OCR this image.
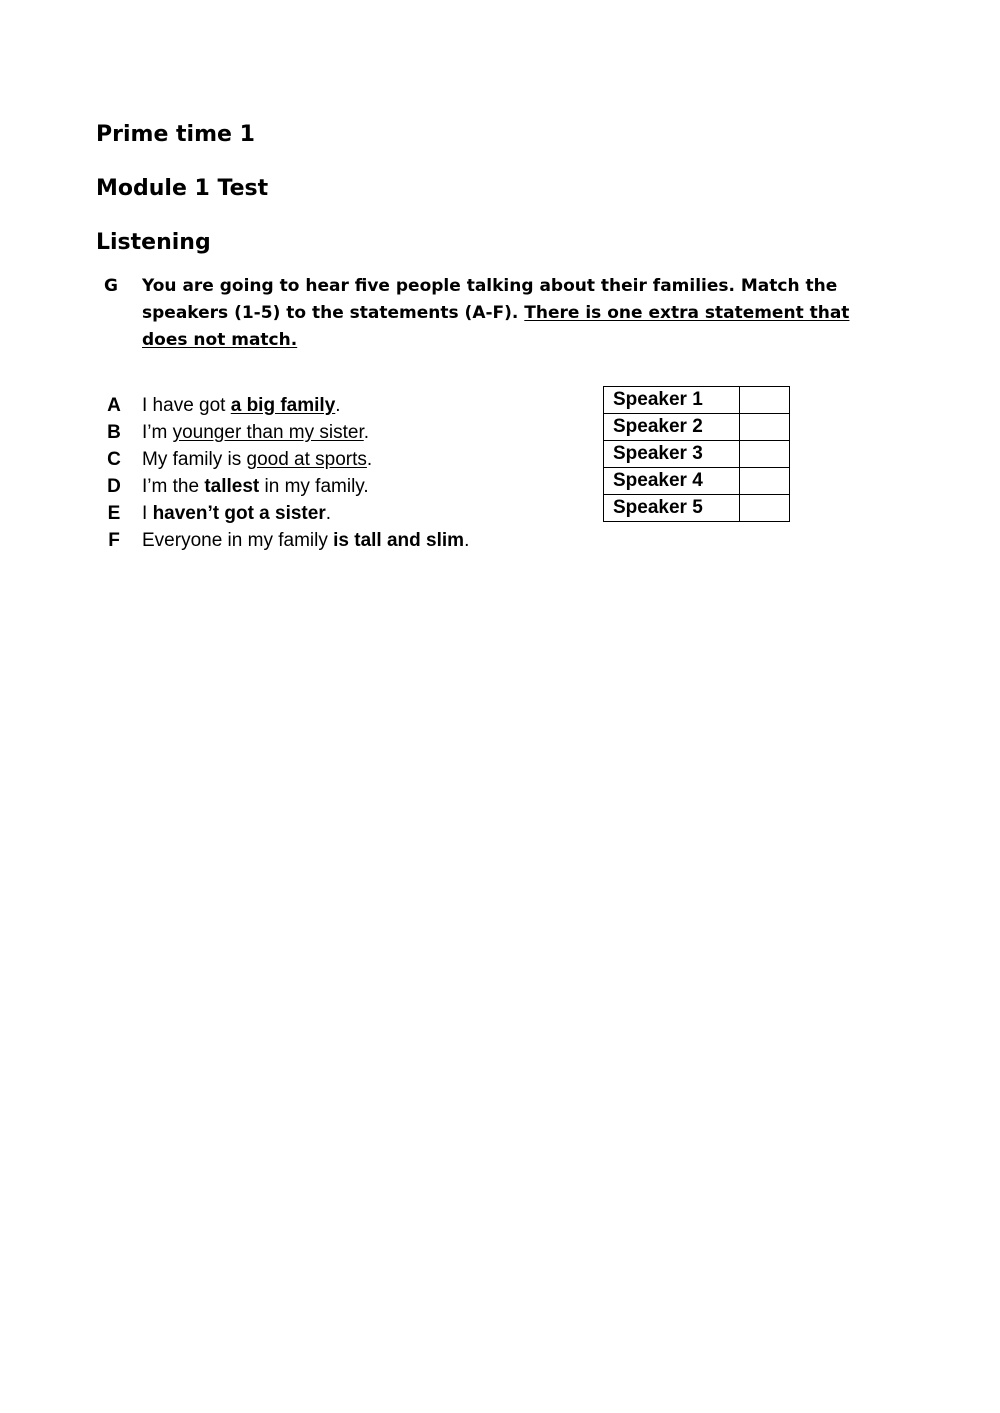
Prime time 1
Module 1 Test
Listening
G You are going to hear five people talking about their families. Match the speakers (1-5) to the statements (A-F). There is one extra statement that does not match.

A I have got a big family.
B I’m younger than my sister.
C My family is good at sports.
D I’m the tallest in my family.
E I haven’t got a sister.
F Everyone in my family is tall and slim.
Speaker 1	
Speaker 2	
Speaker 3	
Speaker 4	
Speaker 5	
